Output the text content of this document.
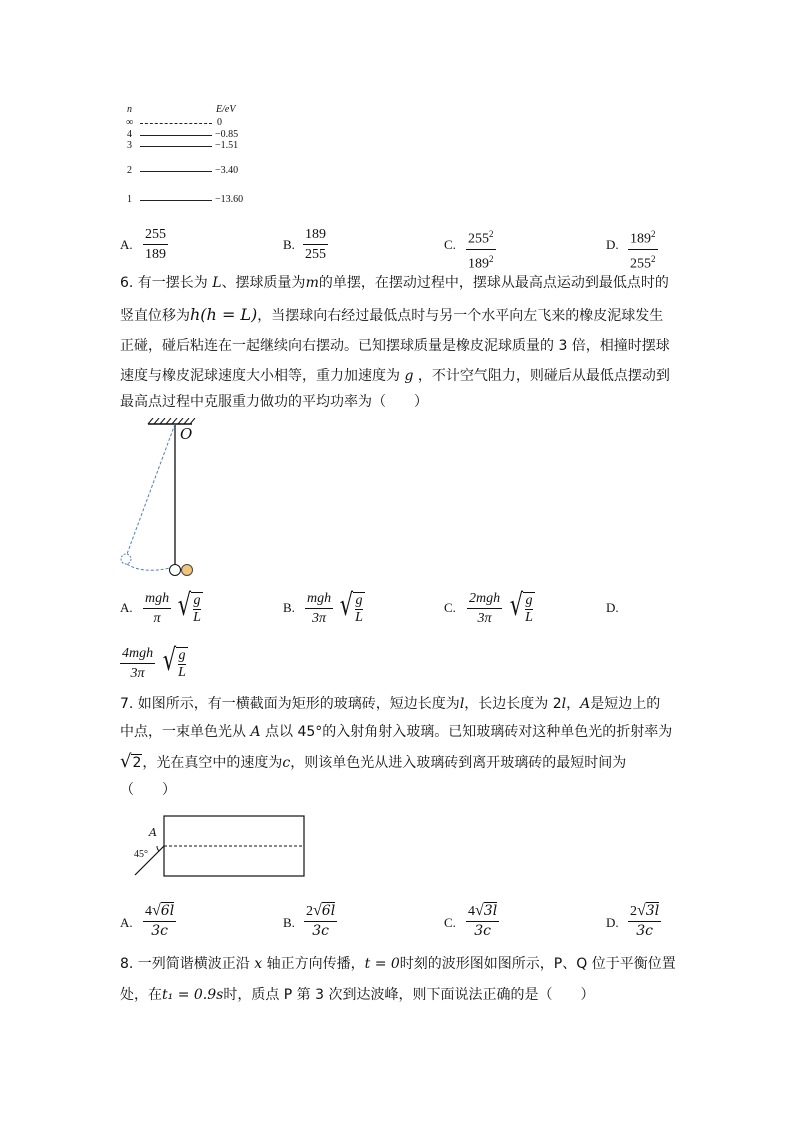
n	E/eV
∞	0
4	−0.85
3	−1.51
2	−3.40
1	−13.60
A.
255
189
B.
189
255
C. $255^2$
$189^2$
D. $189^2$
$255^2$
6. 有一摆长为 L、摆球质量为m的单摆，在摆动过程中，摆球从最高点运动到最低点时的
竖直位移为h(h = L)，当摆球向右经过最低点时与另一个水平向左飞来的橡皮泥球发生
正碰，碰后粘连在一起继续向右摆动。已知摆球质量是橡皮泥球质量的 3 倍，相撞时摆球
速度与橡皮泥球速度大小相等，重力加速度为 g ，不计空气阻力，则碰后从最低点摆动到
最高点过程中克服重力做功的平均功率为（　　）
O
A.
mgh
π √ g
L
B.
mgh
3π √ g
L
C.
2mgh
3π √ g
L
D.
4mgh
3π √ g
L
7. 如图所示，有一横截面为矩形的玻璃砖，短边长度为l，长边长度为 2l，A是短边上的
中点，一束单色光从 A 点以 45°的入射角射入玻璃。已知玻璃砖对这种单色光的折射率为
√2，光在真空中的速度为c，则该单色光从进入玻璃砖到离开玻璃砖的最短时间为
（　　）
A
45°
A.
4√6l
3c
B.
2√6l
3c
C.
4√3l
3c
D.
2√3l
3c
8. 一列简谐横波正沿 x 轴正方向传播，t = 0时刻的波形图如图所示，P、Q 位于平衡位置
处，在t₁ = 0.9s时，质点 P 第 3 次到达波峰，则下面说法正确的是（　　）
